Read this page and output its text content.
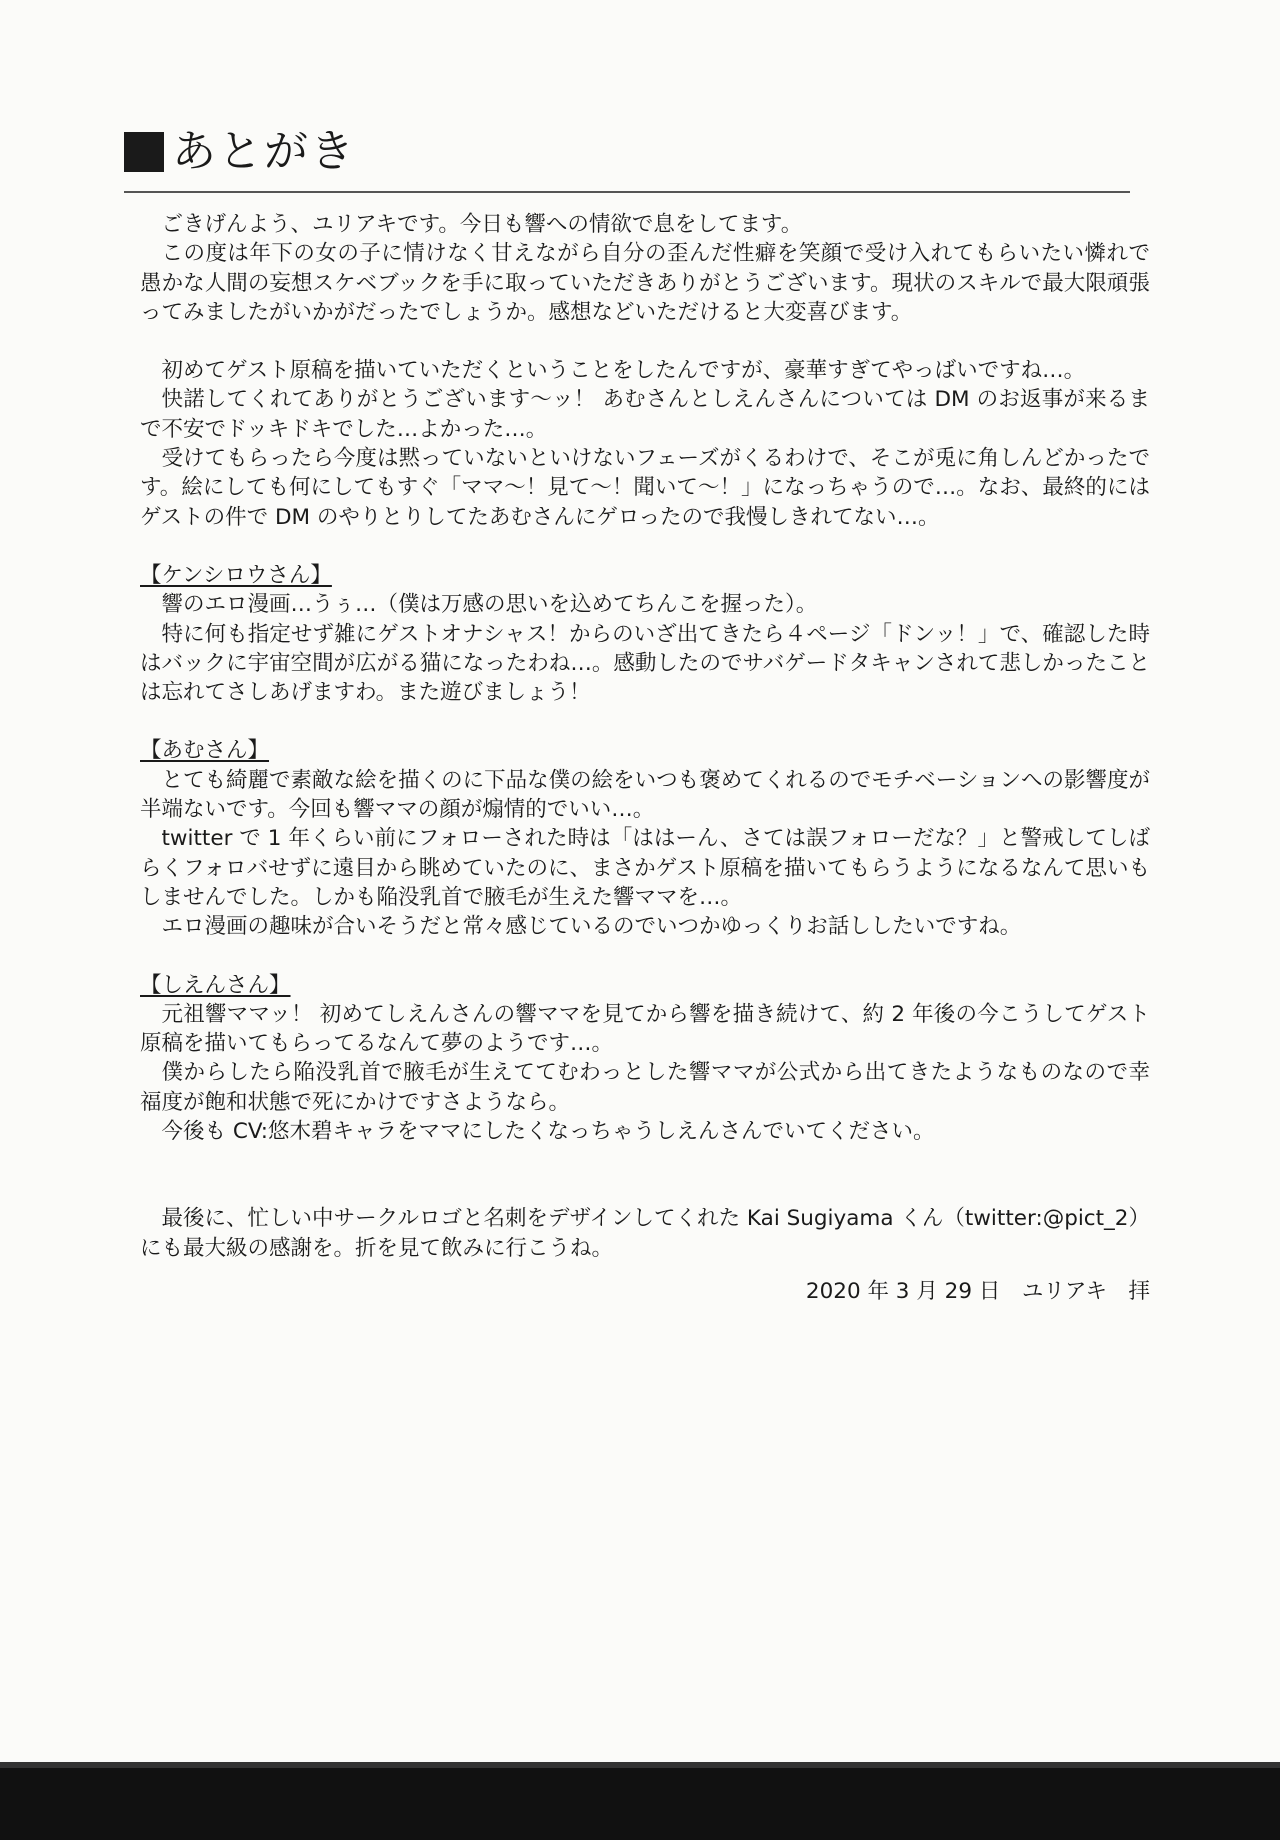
あとがき

ごきげんよう、ユリアキです。今日も響への情欲で息をしてます。

この度は年下の女の子に情けなく甘えながら自分の歪んだ性癖を笑顔で受け入れてもらいたい憐れで愚かな人間の妄想スケベブックを手に取っていただきありがとうございます。現状のスキルで最大限頑張ってみましたがいかがだったでしょうか。感想などいただけると大変喜びます。

初めてゲスト原稿を描いていただくということをしたんですが、豪華すぎてやっばいですね…。

快諾してくれてありがとうございます〜ッ！ あむさんとしえんさんについては DM のお返事が来るまで不安でドッキドキでした…よかった…。

受けてもらったら今度は黙っていないといけないフェーズがくるわけで、そこが兎に角しんどかったです。絵にしても何にしてもすぐ「ママ〜！見て〜！聞いて〜！」になっちゃうので…。なお、最終的にはゲストの件で DM のやりとりしてたあむさんにゲロったので我慢しきれてない…。

【ケンシロウさん】

響のエロ漫画…うぅ…（僕は万感の思いを込めてちんこを握った）。

特に何も指定せず雑にゲストオナシャス！からのいざ出てきたら４ページ「ドンッ！」で、確認した時はバックに宇宙空間が広がる猫になったわね…。感動したのでサバゲードタキャンされて悲しかったことは忘れてさしあげますわ。また遊びましょう！

【あむさん】

とても綺麗で素敵な絵を描くのに下品な僕の絵をいつも褒めてくれるのでモチベーションへの影響度が半端ないです。今回も響ママの顔が煽情的でいい…。

twitter で 1 年くらい前にフォローされた時は「ははーん、さては誤フォローだな？」と警戒してしばらくフォロバせずに遠目から眺めていたのに、まさかゲスト原稿を描いてもらうようになるなんて思いもしませんでした。しかも陥没乳首で腋毛が生えた響ママを…。

エロ漫画の趣味が合いそうだと常々感じているのでいつかゆっくりお話ししたいですね。

【しえんさん】

元祖響ママッ！ 初めてしえんさんの響ママを見てから響を描き続けて、約 2 年後の今こうしてゲスト原稿を描いてもらってるなんて夢のようです…。

僕からしたら陥没乳首で腋毛が生えててむわっとした響ママが公式から出てきたようなものなので幸福度が飽和状態で死にかけですさようなら。

今後も CV:悠木碧キャラをママにしたくなっちゃうしえんさんでいてください。

最後に、忙しい中サークルロゴと名刺をデザインしてくれた Kai Sugiyama くん（twitter:@pict_2）にも最大級の感謝を。折を見て飲みに行こうね。

2020 年 3 月 29 日　ユリアキ　拝
